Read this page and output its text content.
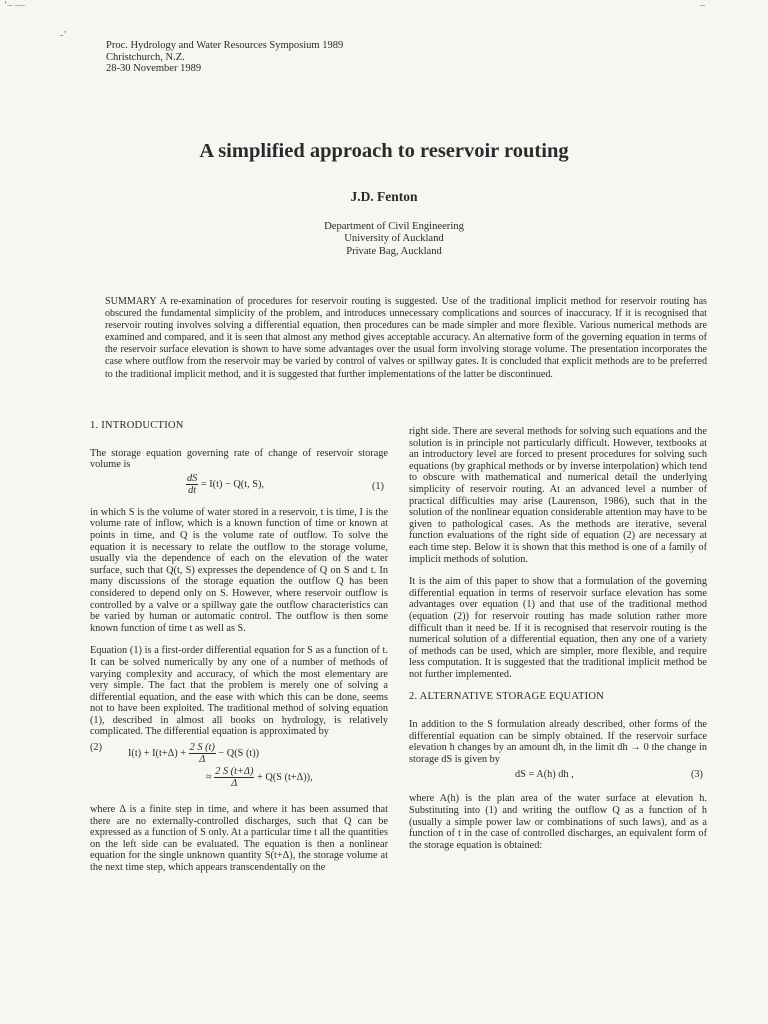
‘– ––	–
-’
Proc. Hydrology and Water Resources Symposium 1989
Christchurch, N.Z.
28-30 November 1989
A simplified approach to reservoir routing
J.D. Fenton
Department of Civil Engineering
University of Auckland
Private Bag, Auckland
SUMMARY A re-examination of procedures for reservoir routing is suggested. Use of the traditional implicit method for reservoir routing has obscured the fundamental simplicity of the problem, and introduces unnecessary complications and sources of inaccuracy. If it is recognised that reservoir routing involves solving a differential equation, then procedures can be made simpler and more flexible. Various numerical methods are examined and compared, and it is seen that almost any method gives acceptable accuracy. An alternative form of the governing equation in terms of the reservoir surface elevation is shown to have some advantages over the usual form involving storage volume. The presentation incorporates the case where outflow from the reservoir may be varied by control of valves or spillway gates. It is concluded that explicit methods are to be preferred to the traditional implicit method, and it is suggested that further implementations of the latter be discontinued.
1. INTRODUCTION

The storage equation governing rate of change of reservoir storage volume is

$\frac{dS}{dt} = I(t) - Q(t$, S),	(1)

in which S is the volume of water stored in a reservoir, t is time, I is the volume rate of inflow, which is a known function of time or known at points in time, and Q is the volume rate of outflow. To solve the equation it is necessary to relate the outflow to the storage volume, usually via the dependence of each on the elevation of the water surface, such that Q(t, S) expresses the dependence of Q on S and t. In many discussions of the storage equation the outflow Q has been considered to depend only on S. However, where reservoir outflow is controlled by a valve or a spillway gate the outflow characteristics can be varied by human or automatic control. The outflow is then some known function of time t as well as S.

Equation (1) is a first-order differential equation for S as a function of t. It can be solved numerically by any one of a number of methods of varying complexity and accuracy, of which the most elementary are very simple. The fact that the problem is merely one of solving a differential equation, and the ease with which this can be done, seems not to have been exploited. The traditional method of solving equation (1), described in almost all books on hydrology, is relatively complicated. The differential equation is approximated by

$I(t) + I(t+\Delta) + \frac{2 S (t)}{\Delta} - Q(S$ (t))
≈ $\frac{2 S (t+\Delta)}{\Delta} + Q(S$ (t+Δ)),
(2)

where Δ is a finite step in time, and where it has been assumed that there are no externally-controlled discharges, such that Q can be expressed as a function of S only. At a particular time t all the quantities on the left side can be evaluated. The equation is then a nonlinear equation for the single unknown quantity S(t+Δ), the storage volume at the next time step, which appears transcendentally on the

right side. There are several methods for solving such equations and the solution is in principle not particularly difficult. However, textbooks at an introductory level are forced to present procedures for solving such equations (by graphical methods or by inverse interpolation) which tend to obscure with mathematical and numerical detail the underlying simplicity of reservoir routing. At an advanced level a number of practical difficulties may arise (Laurenson, 1986), such that in the solution of the nonlinear equation considerable attention may have to be given to pathological cases. As the methods are iterative, several function evaluations of the right side of equation (2) are necessary at each time step. Below it is shown that this method is one of a family of implicit methods of solution.

It is the aim of this paper to show that a formulation of the governing differential equation in terms of reservoir surface elevation has some advantages over equation (1) and that use of the traditional method (equation (2)) for reservoir routing has made solution rather more difficult than it need be. If it is recognised that reservoir routing is the numerical solution of a differential equation, then any one of a variety of methods can be used, which are simpler, more flexible, and require less computation. It is suggested that the traditional implicit method be not further implemented.

2. ALTERNATIVE STORAGE EQUATION

In addition to the S formulation already described, other forms of the differential equation can be simply obtained. If the reservoir surface elevation h changes by an amount dh, in the limit dh → 0 the change in storage dS is given by

dS = A(h) dh ,	(3)

where A(h) is the plan area of the water surface at elevation h. Substituting into (1) and writing the outflow Q as a function of h (usually a simple power law or combinations of such laws), and as a function of t in the case of controlled discharges, an equivalent form of the storage equation is obtained:
